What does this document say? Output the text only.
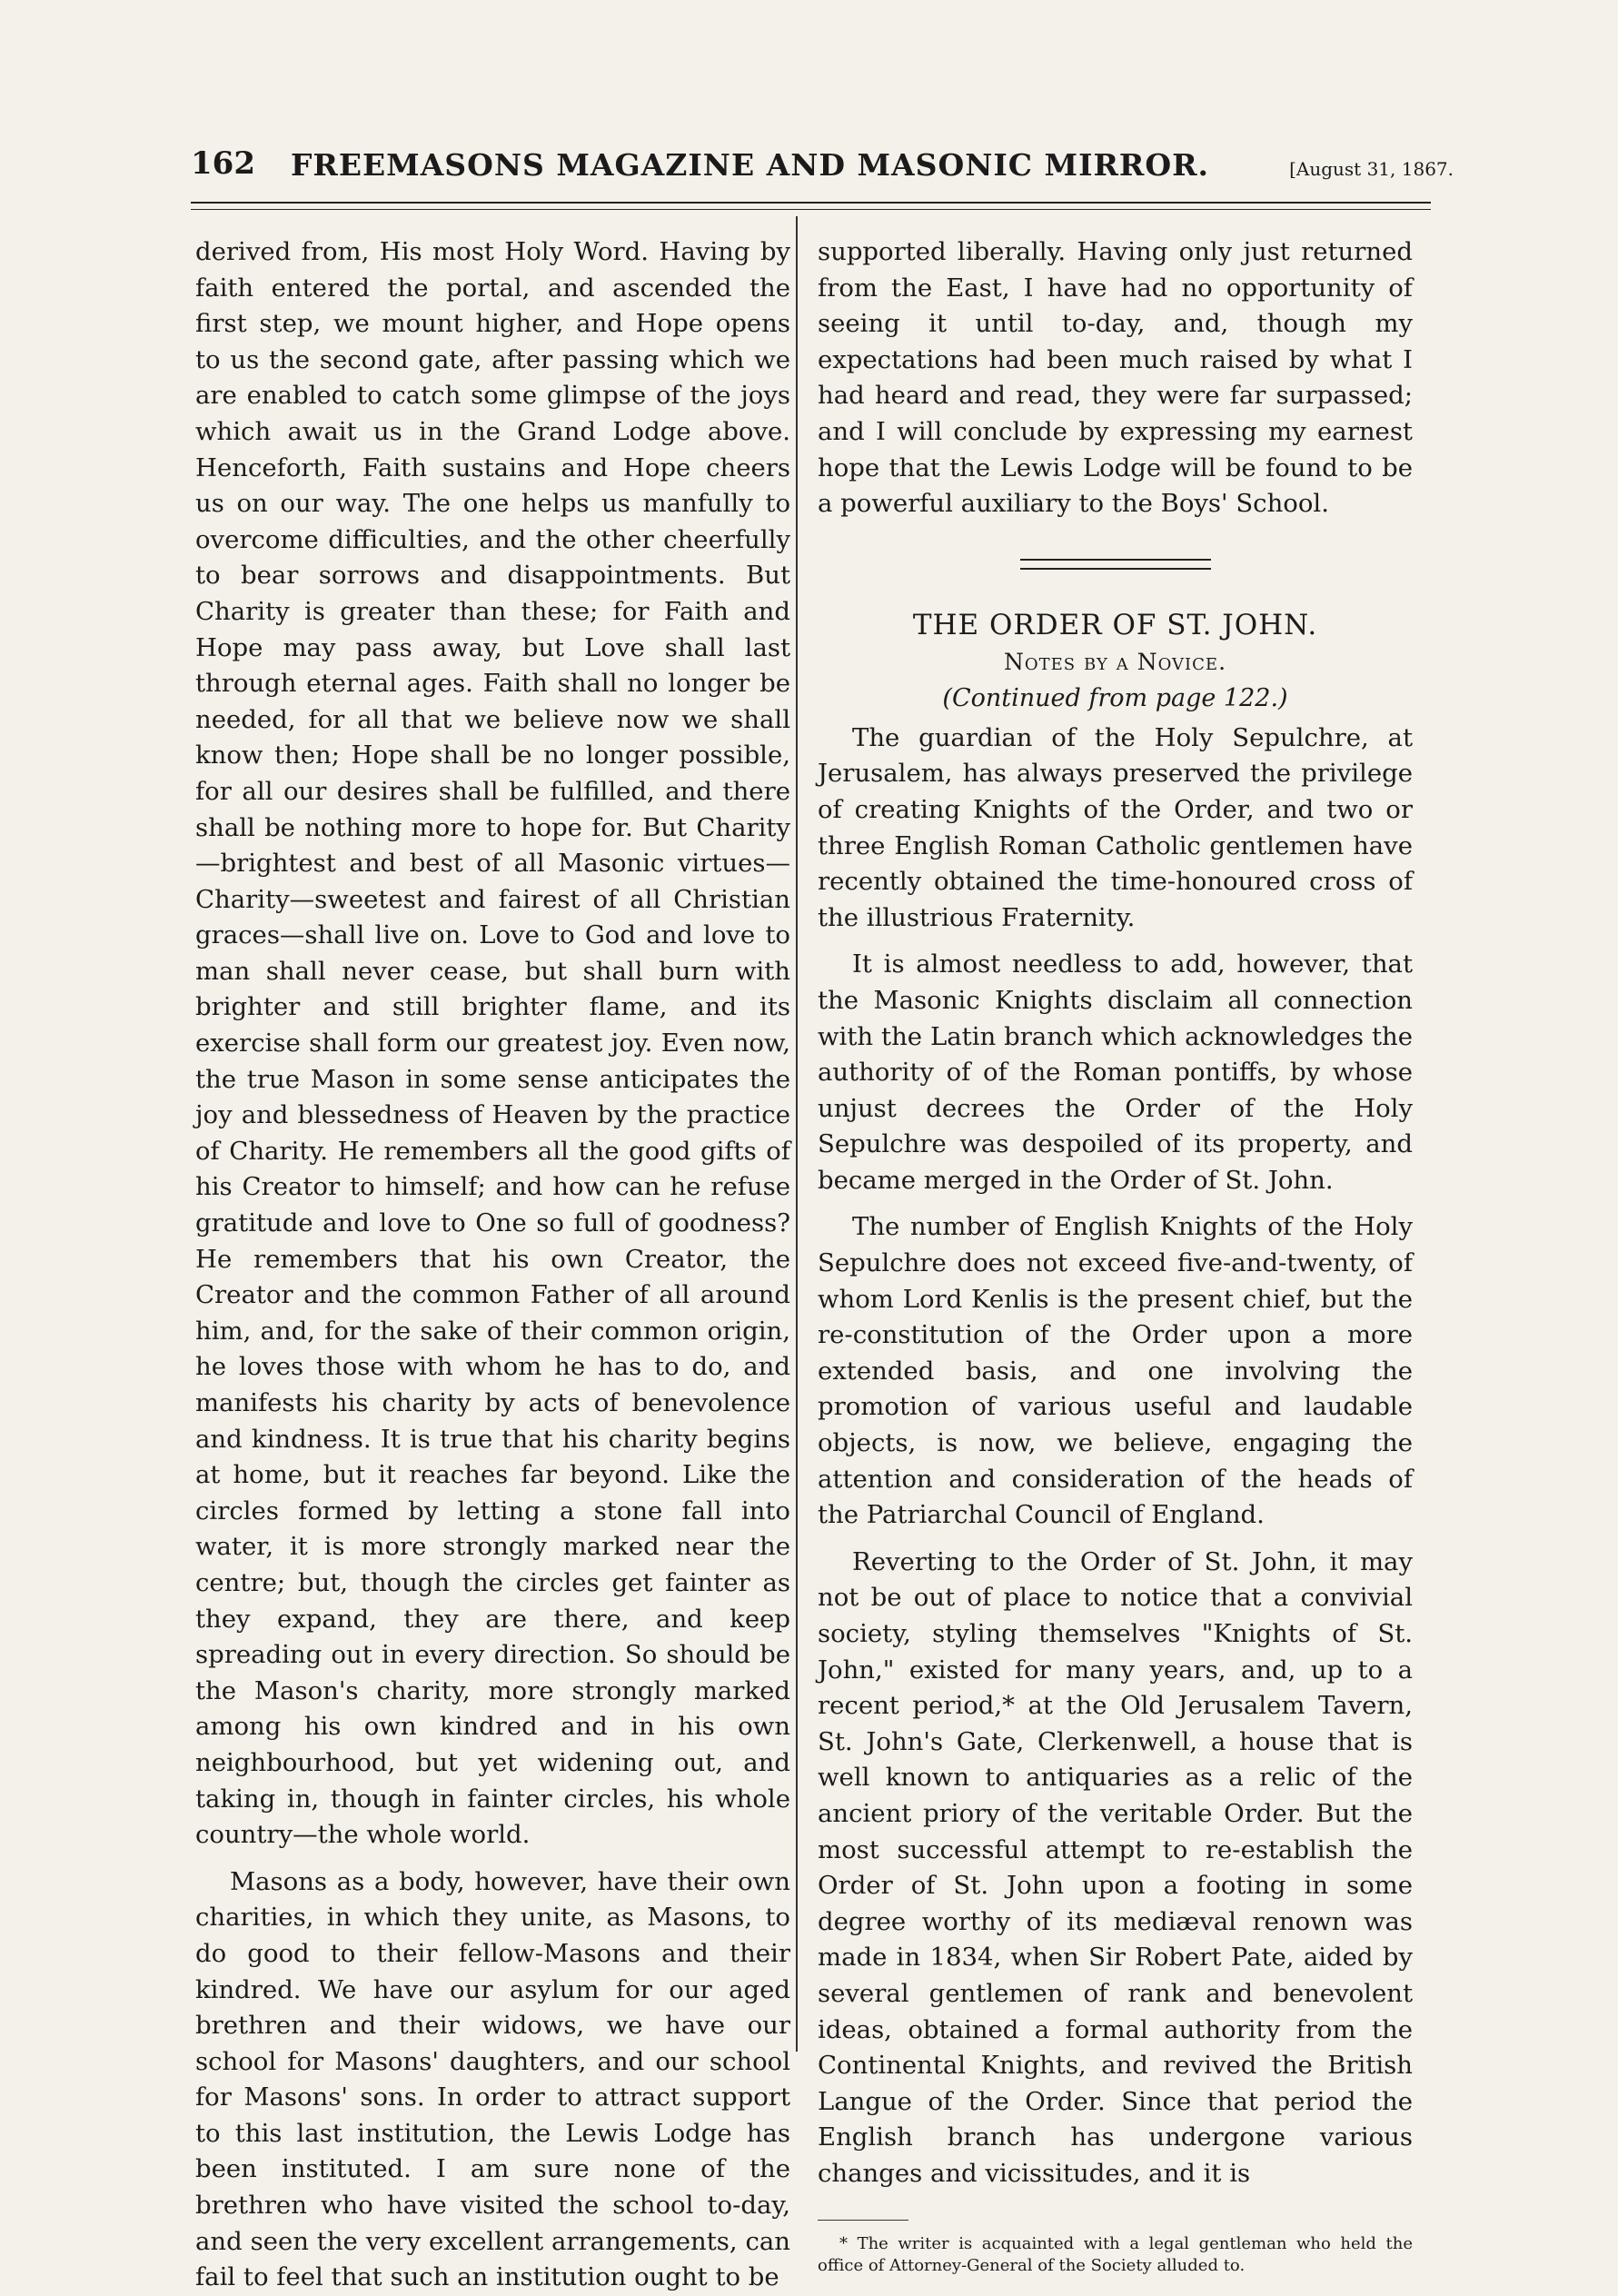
162 FREEMASONS MAGAZINE AND MASONIC MIRROR.	[August 31, 1867.

derived from, His most Holy Word. Having by faith entered the portal, and ascended the first step, we mount higher, and Hope opens to us the second gate, after passing which we are enabled to catch some glimpse of the joys which await us in the Grand Lodge above. Henceforth, Faith sustains and Hope cheers us on our way. The one helps us manfully to overcome difficulties, and the other cheerfully to bear sorrows and disappointments. But Charity is greater than these; for Faith and Hope may pass away, but Love shall last through eternal ages. Faith shall no longer be needed, for all that we believe now we shall know then; Hope shall be no longer possible, for all our desires shall be fulfilled, and there shall be nothing more to hope for. But Charity—brightest and best of all Masonic virtues—Charity—sweetest and fairest of all Christian graces—shall live on. Love to God and love to man shall never cease, but shall burn with brighter and still brighter flame, and its exercise shall form our greatest joy. Even now, the true Mason in some sense anticipates the joy and blessedness of Heaven by the practice of Charity. He remembers all the good gifts of his Creator to himself; and how can he refuse gratitude and love to One so full of goodness? He remembers that his own Creator, the Creator and the common Father of all around him, and, for the sake of their common origin, he loves those with whom he has to do, and manifests his charity by acts of benevolence and kindness. It is true that his charity begins at home, but it reaches far beyond. Like the circles formed by letting a stone fall into water, it is more strongly marked near the centre; but, though the circles get fainter as they expand, they are there, and keep spreading out in every direction. So should be the Mason's charity, more strongly marked among his own kindred and in his own neighbourhood, but yet widening out, and taking in, though in fainter circles, his whole country—the whole world.

Masons as a body, however, have their own charities, in which they unite, as Masons, to do good to their fellow-Masons and their kindred. We have our asylum for our aged brethren and their widows, we have our school for Masons' daughters, and our school for Masons' sons. In order to attract support to this last institution, the Lewis Lodge has been instituted. I am sure none of the brethren who have visited the school to-day, and seen the very excellent arrangements, can fail to feel that such an institution ought to be

supported liberally. Having only just returned from the East, I have had no opportunity of seeing it until to-day, and, though my expectations had been much raised by what I had heard and read, they were far surpassed; and I will conclude by expressing my earnest hope that the Lewis Lodge will be found to be a powerful auxiliary to the Boys' School.

THE ORDER OF ST. JOHN.

Notes by a Novice.

(Continued from page 122.)

The guardian of the Holy Sepulchre, at Jerusalem, has always preserved the privilege of creating Knights of the Order, and two or three English Roman Catholic gentlemen have recently obtained the time-honoured cross of the illustrious Fraternity.

It is almost needless to add, however, that the Masonic Knights disclaim all connection with the Latin branch which acknowledges the authority of of the Roman pontiffs, by whose unjust decrees the Order of the Holy Sepulchre was despoiled of its property, and became merged in the Order of St. John.

The number of English Knights of the Holy Sepulchre does not exceed five-and-twenty, of whom Lord Kenlis is the present chief, but the re-constitution of the Order upon a more extended basis, and one involving the promotion of various useful and laudable objects, is now, we believe, engaging the attention and consideration of the heads of the Patriarchal Council of England.

Reverting to the Order of St. John, it may not be out of place to notice that a convivial society, styling themselves "Knights of St. John," existed for many years, and, up to a recent period,* at the Old Jerusalem Tavern, St. John's Gate, Clerkenwell, a house that is well known to antiquaries as a relic of the ancient priory of the veritable Order. But the most successful attempt to re-establish the Order of St. John upon a footing in some degree worthy of its mediæval renown was made in 1834, when Sir Robert Pate, aided by several gentlemen of rank and benevolent ideas, obtained a formal authority from the Continental Knights, and revived the British Langue of the Order. Since that period the English branch has undergone various changes and vicissitudes, and it is

* The writer is acquainted with a legal gentleman who held the office of Attorney-General of the Society alluded to.
